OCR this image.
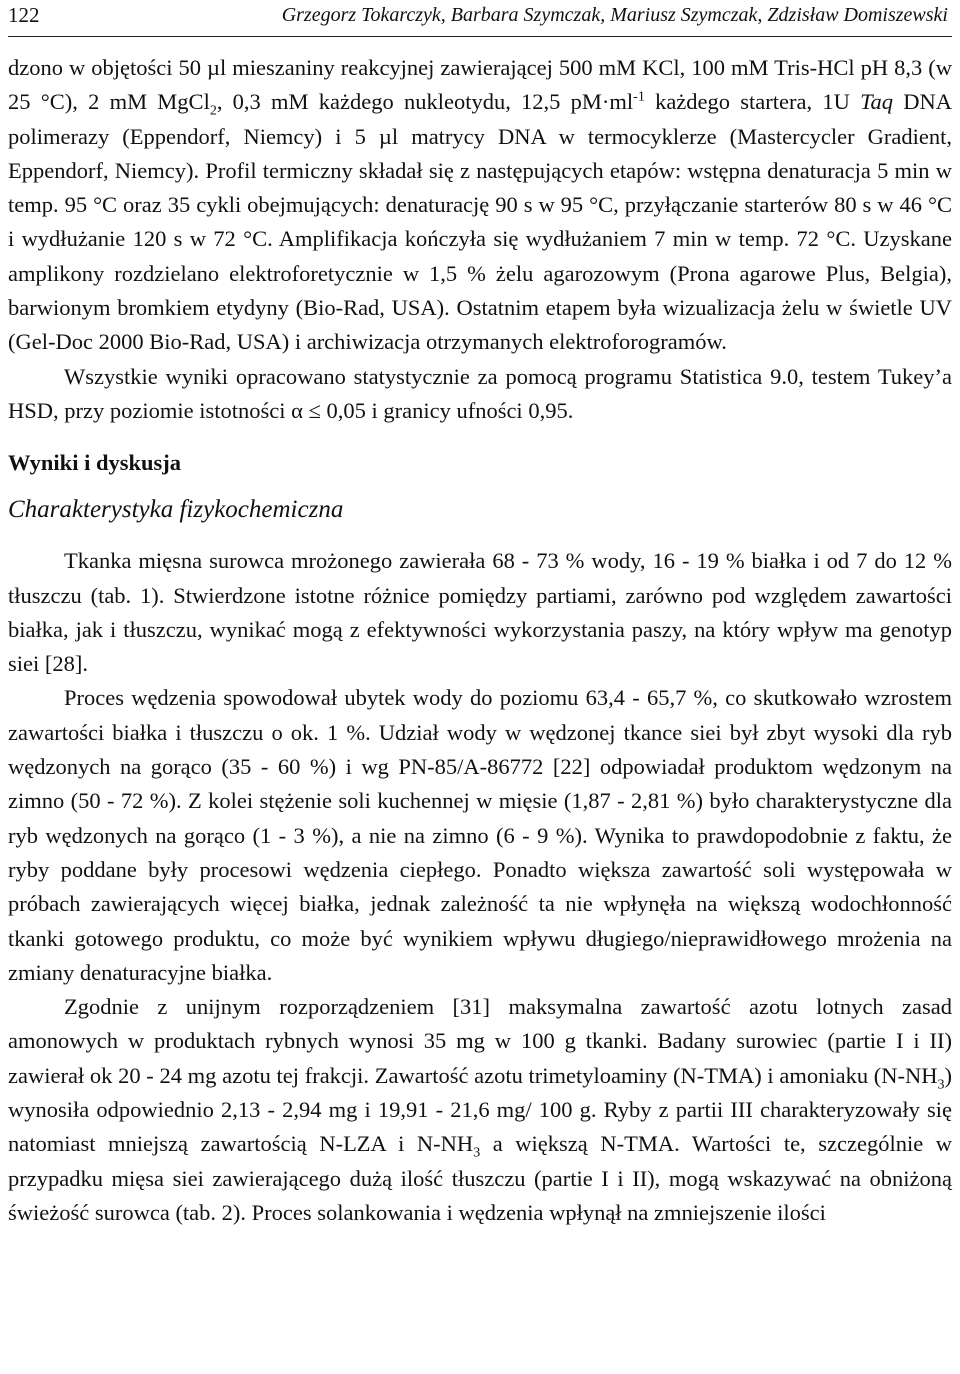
122	Grzegorz Tokarczyk, Barbara Szymczak, Mariusz Szymczak, Zdzisław Domiszewski

dzono w objętości 50 µl mieszaniny reakcyjnej zawierającej 500 mM KCl, 100 mM Tris-HCl pH 8,3 (w 25 °C), 2 mM MgCl$_2$, 0,3 mM każdego nukleotydu, 12,5 $pM\cdot ml^{-1}$ każdego startera, 1U Taq DNA polimerazy (Eppendorf, Niemcy) i 5 µl matrycy DNA w termocyklerze (Mastercycler Gradient, Eppendorf, Niemcy). Profil termiczny składał się z następujących etapów: wstępna denaturacja 5 min w temp. 95 °C oraz 35 cykli obejmujących: denaturację 90 s w 95 °C, przyłączanie starterów 80 s w 46 °C i wydłużanie 120 s w 72 °C. Amplifikacja kończyła się wydłużaniem 7 min w temp. 72 °C. Uzyskane amplikony rozdzielano elektroforetycznie w 1,5 % żelu agarozowym (Prona agarowe Plus, Belgia), barwionym bromkiem etydyny (Bio-Rad, USA). Ostatnim etapem była wizualizacja żelu w świetle UV (Gel-Doc 2000 Bio-Rad, USA) i archiwizacja otrzymanych elektroforogramów.

Wszystkie wyniki opracowano statystycznie za pomocą programu Statistica 9.0, testem Tukey’a HSD, przy poziomie istotności α ≤ 0,05 i granicy ufności 0,95.

Wyniki i dyskusja
Charakterystyka fizykochemiczna

Tkanka mięsna surowca mrożonego zawierała 68 - 73 % wody, 16 - 19 % białka i od 7 do 12 % tłuszczu (tab. 1). Stwierdzone istotne różnice pomiędzy partiami, zarówno pod względem zawartości białka, jak i tłuszczu, wynikać mogą z efektywności wykorzystania paszy, na który wpływ ma genotyp siei [28].

Proces wędzenia spowodował ubytek wody do poziomu 63,4 - 65,7 %, co skutkowało wzrostem zawartości białka i tłuszczu o ok. 1 %. Udział wody w wędzonej tkance siei był zbyt wysoki dla ryb wędzonych na gorąco (35 - 60 %) i wg PN-85/A-86772 [22] odpowiadał produktom wędzonym na zimno (50 - 72 %). Z kolei stężenie soli kuchennej w mięsie (1,87 - 2,81 %) było charakterystyczne dla ryb wędzonych na gorąco (1 - 3 %), a nie na zimno (6 - 9 %). Wynika to prawdopodobnie z faktu, że ryby poddane były procesowi wędzenia ciepłego. Ponadto większa zawartość soli występowała w próbach zawierających więcej białka, jednak zależność ta nie wpłynęła na większą wodochłonność tkanki gotowego produktu, co może być wynikiem wpływu długiego/nieprawidłowego mrożenia na zmiany denaturacyjne białka.

Zgodnie z unijnym rozporządzeniem [31] maksymalna zawartość azotu lotnych zasad amonowych w produktach rybnych wynosi 35 mg w 100 g tkanki. Badany surowiec (partie I i II) zawierał ok 20 - 24 mg azotu tej frakcji. Zawartość azotu trimetyloaminy (N-TMA) i amoniaku $(N-NH_3)$ wynosiła odpowiednio 2,13 - 2,94 mg i 19,91 - 21,6 mg/ 100 g. Ryby z partii III charakteryzowały się natomiast mniejszą zawartością N-LZA i $N-NH_3$ a większą N-TMA. Wartości te, szczególnie w przypadku mięsa siei zawierającego dużą ilość tłuszczu (partie I i II), mogą wskazywać na obniżoną świeżość surowca (tab. 2). Proces solankowania i wędzenia wpłynął na zmniejszenie ilości
